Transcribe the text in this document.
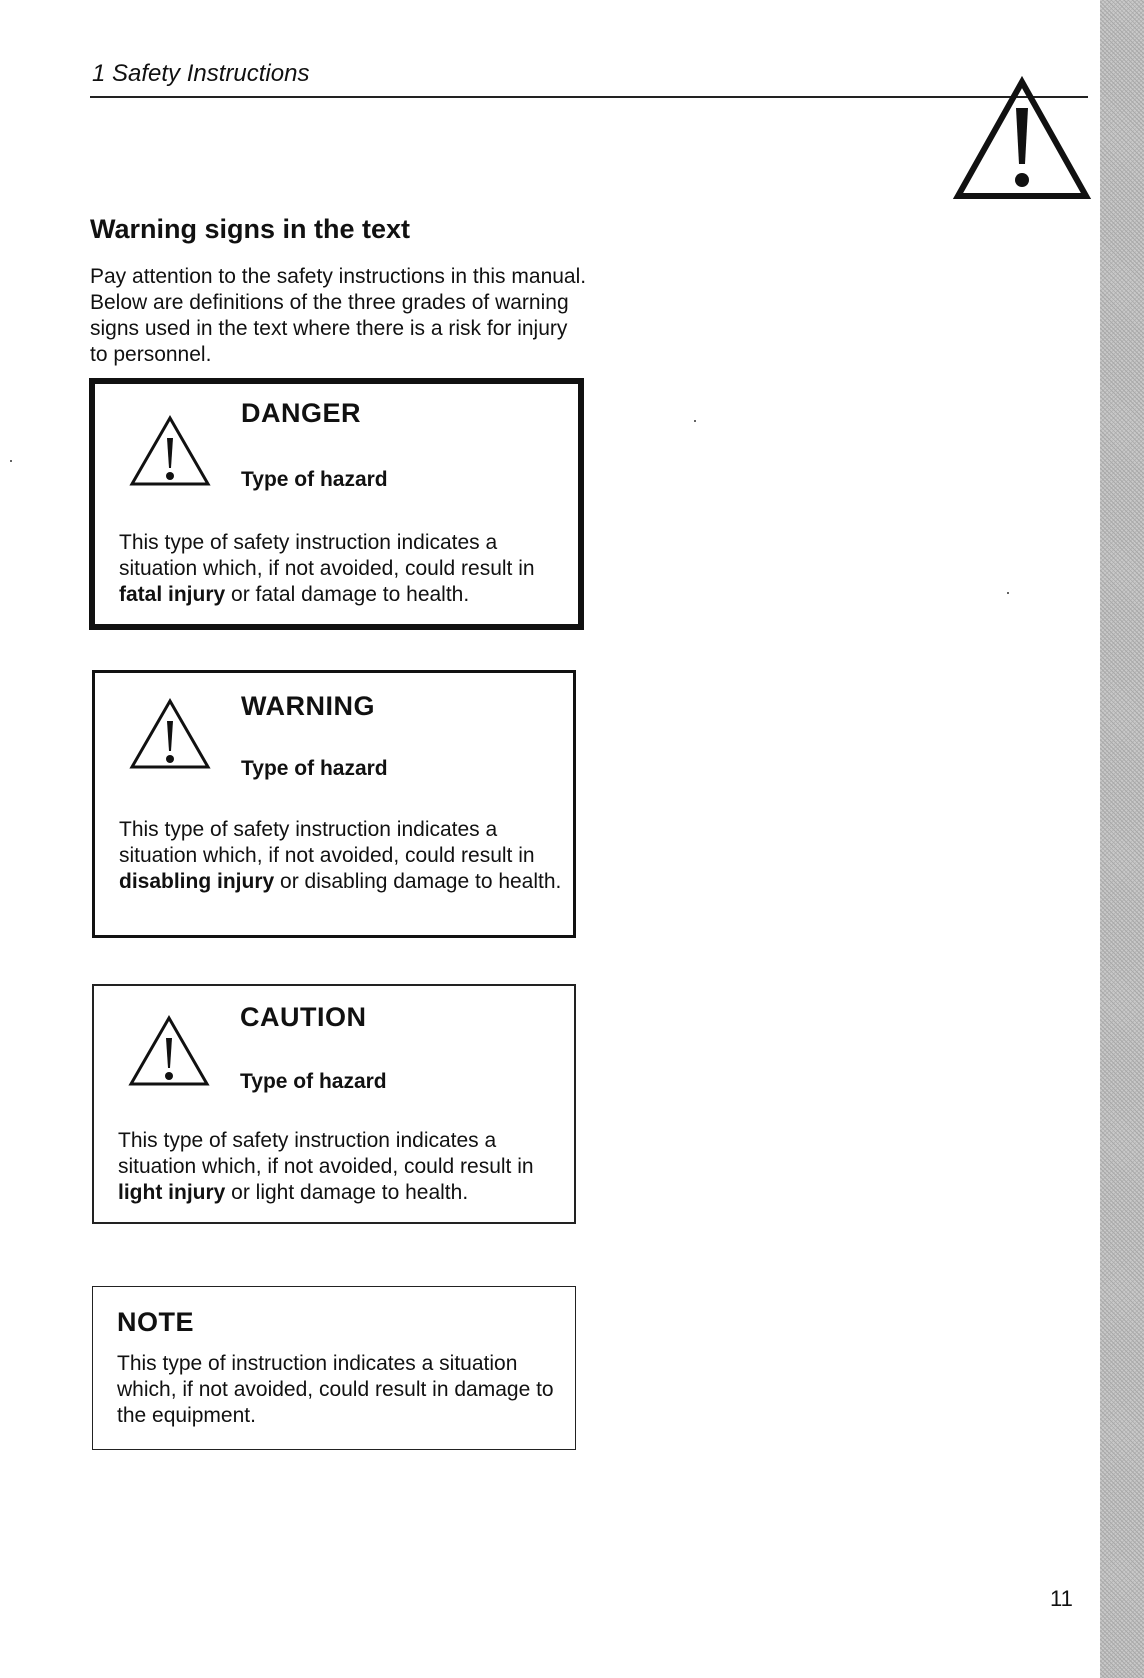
1 Safety Instructions
Warning signs in the text

Pay attention to the safety instructions in this manual. Below are definitions of the three grades of warning signs used in the text where there is a risk for injury to personnel.

DANGER
Type of hazard

This type of safety instruction indicates a situation which, if not avoided, could result in fatal injury or fatal damage to health.

WARNING
Type of hazard

This type of safety instruction indicates a situation which, if not avoided, could result in disabling injury or disabling damage to health.

CAUTION
Type of hazard

This type of safety instruction indicates a situation which, if not avoided, could result in light injury or light damage to health.

NOTE

This type of instruction indicates a situation which, if not avoided, could result in damage to the equipment.

11
